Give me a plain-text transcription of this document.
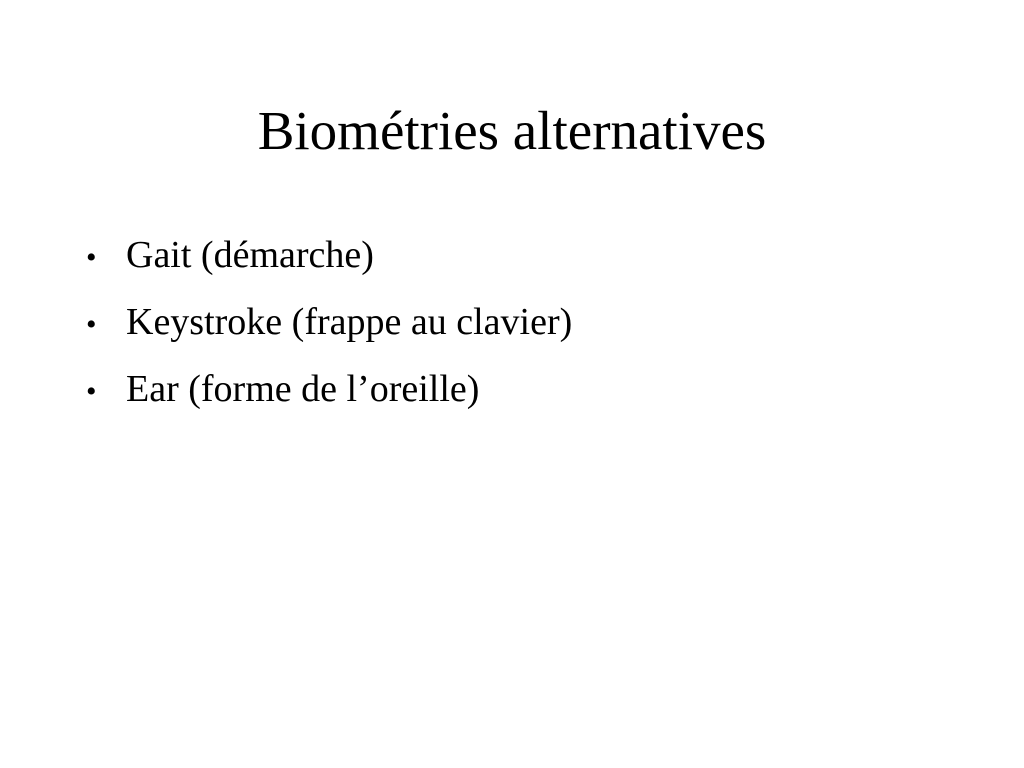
Biométries alternatives
• Gait (démarche)
• Keystroke (frappe au clavier)
• Ear (forme de l’oreille)
